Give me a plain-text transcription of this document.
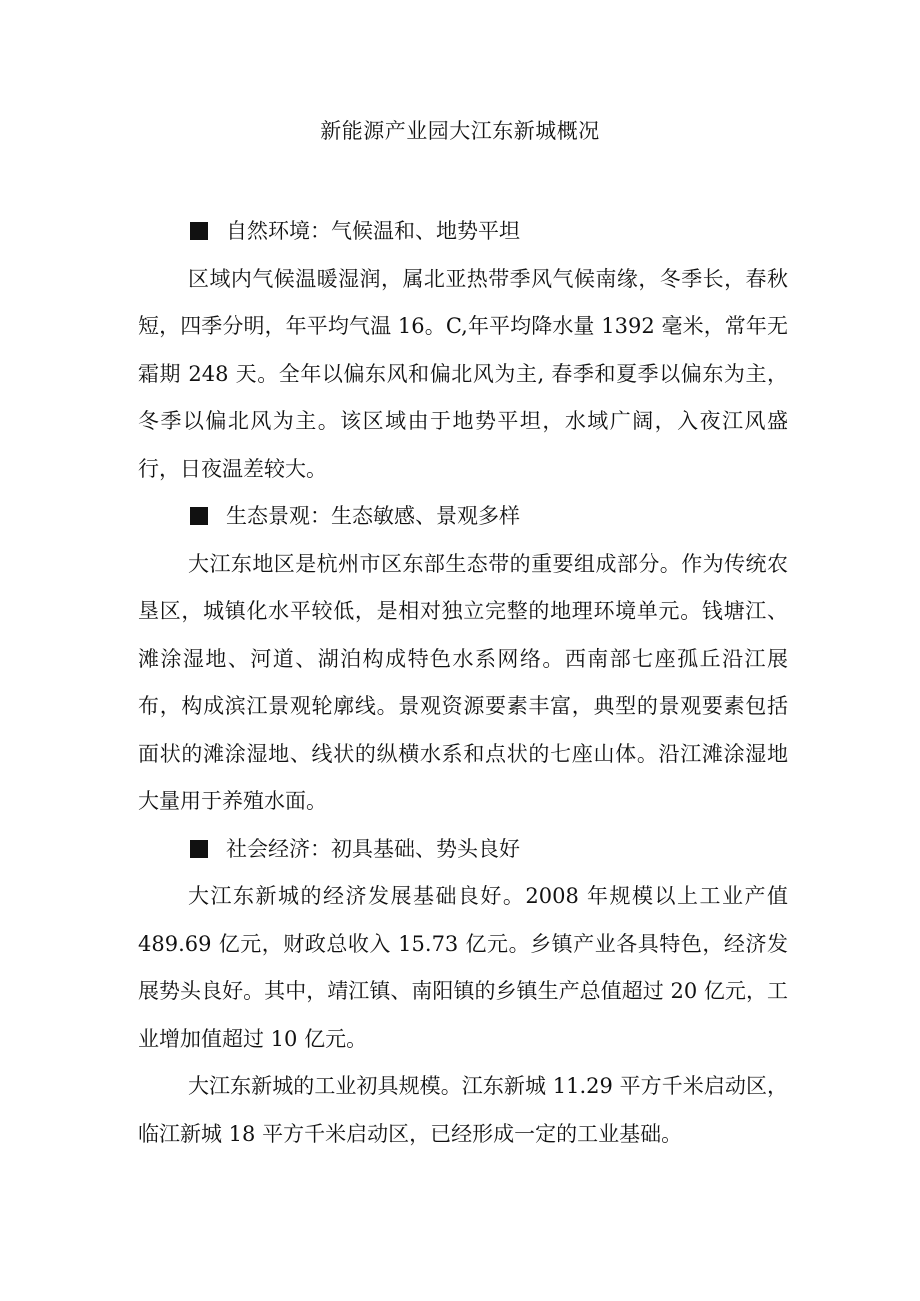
新能源产业园大江东新城概况

自然环境：气候温和、地势平坦

区域内气候温暖湿润，属北亚热带季风气候南缘，冬季长，春秋短，四季分明，年平均气温 16。C,年平均降水量 1392 毫米，常年无霜期 248 天。全年以偏东风和偏北风为主, 春季和夏季以偏东为主，冬季以偏北风为主。该区域由于地势平坦，水域广阔，入夜江风盛行，日夜温差较大。

生态景观：生态敏感、景观多样

大江东地区是杭州市区东部生态带的重要组成部分。作为传统农垦区，城镇化水平较低，是相对独立完整的地理环境单元。钱塘江、滩涂湿地、河道、湖泊构成特色水系网络。西南部七座孤丘沿江展布，构成滨江景观轮廓线。景观资源要素丰富，典型的景观要素包括面状的滩涂湿地、线状的纵横水系和点状的七座山体。沿江滩涂湿地大量用于养殖水面。

社会经济：初具基础、势头良好

大江东新城的经济发展基础良好。2008 年规模以上工业产值 489.69 亿元，财政总收入 15.73 亿元。乡镇产业各具特色，经济发展势头良好。其中，靖江镇、南阳镇的乡镇生产总值超过 20 亿元，工业增加值超过 10 亿元。

大江东新城的工业初具规模。江东新城 11.29 平方千米启动区，临江新城 18 平方千米启动区，已经形成一定的工业基础。
